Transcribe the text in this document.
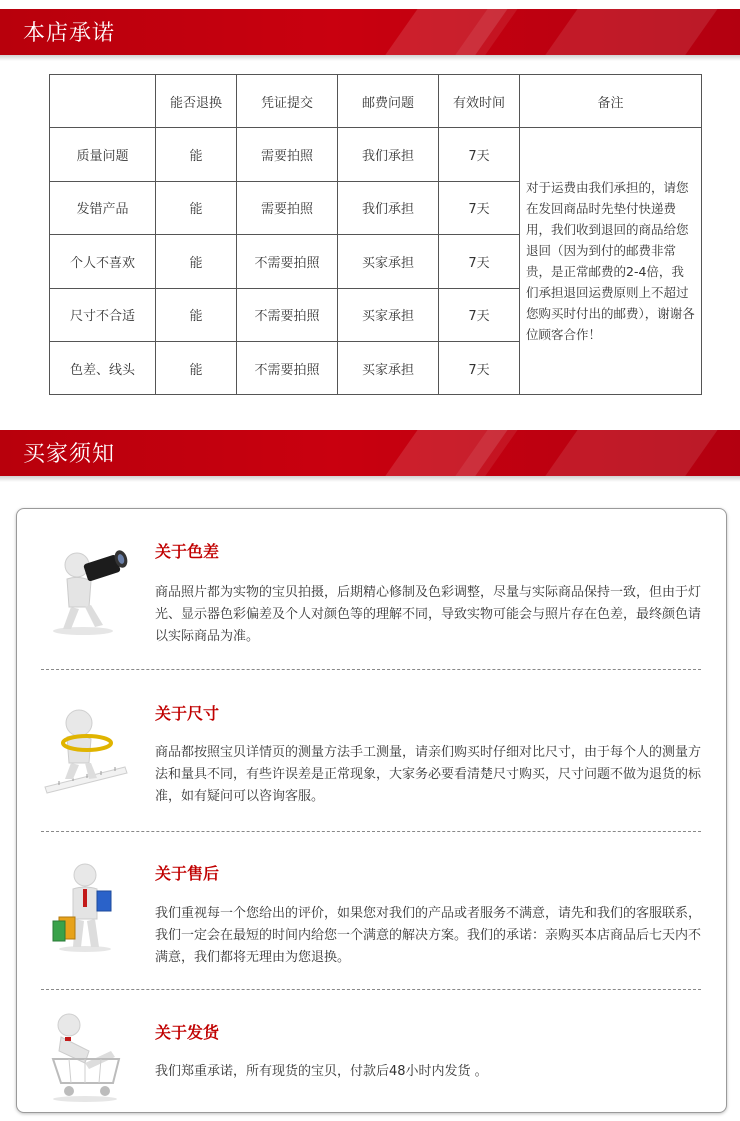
本店承诺
	能否退换	凭证提交	邮费问题	有效时间	备注
质量问题	能	需要拍照	我们承担	7天	对于运费由我们承担的，请您在发回商品时先垫付快递费用，我们收到退回的商品给您退回（因为到付的邮费非常贵，是正常邮费的2-4倍，我们承担退回运费原则上不超过您购买时付出的邮费），谢谢各位顾客合作！
发错产品	能	需要拍照	我们承担	7天	
个人不喜欢	能	不需要拍照	买家承担	7天	
尺寸不合适	能	不需要拍照	买家承担	7天	
色差、线头	能	不需要拍照	买家承担	7天	
买家须知
关于色差
商品照片都为实物的宝贝拍摄，后期精心修制及色彩调整，尽量与实际商品保持一致，但由于灯光、显示器色彩偏差及个人对颜色等的理解不同，导致实物可能会与照片存在色差，最终颜色请以实际商品为准。
关于尺寸
商品都按照宝贝详情页的测量方法手工测量，请亲们购买时仔细对比尺寸，由于每个人的测量方法和量具不同，有些许误差是正常现象，大家务必要看清楚尺寸购买，尺寸问题不做为退货的标准，如有疑问可以咨询客服。
关于售后
我们重视每一个您给出的评价，如果您对我们的产品或者服务不满意，请先和我们的客服联系，我们一定会在最短的时间内给您一个满意的解决方案。我们的承诺：亲购买本店商品后七天内不满意，我们都将无理由为您退换。
关于发货
我们郑重承诺，所有现货的宝贝，付款后48小时内发货 。
